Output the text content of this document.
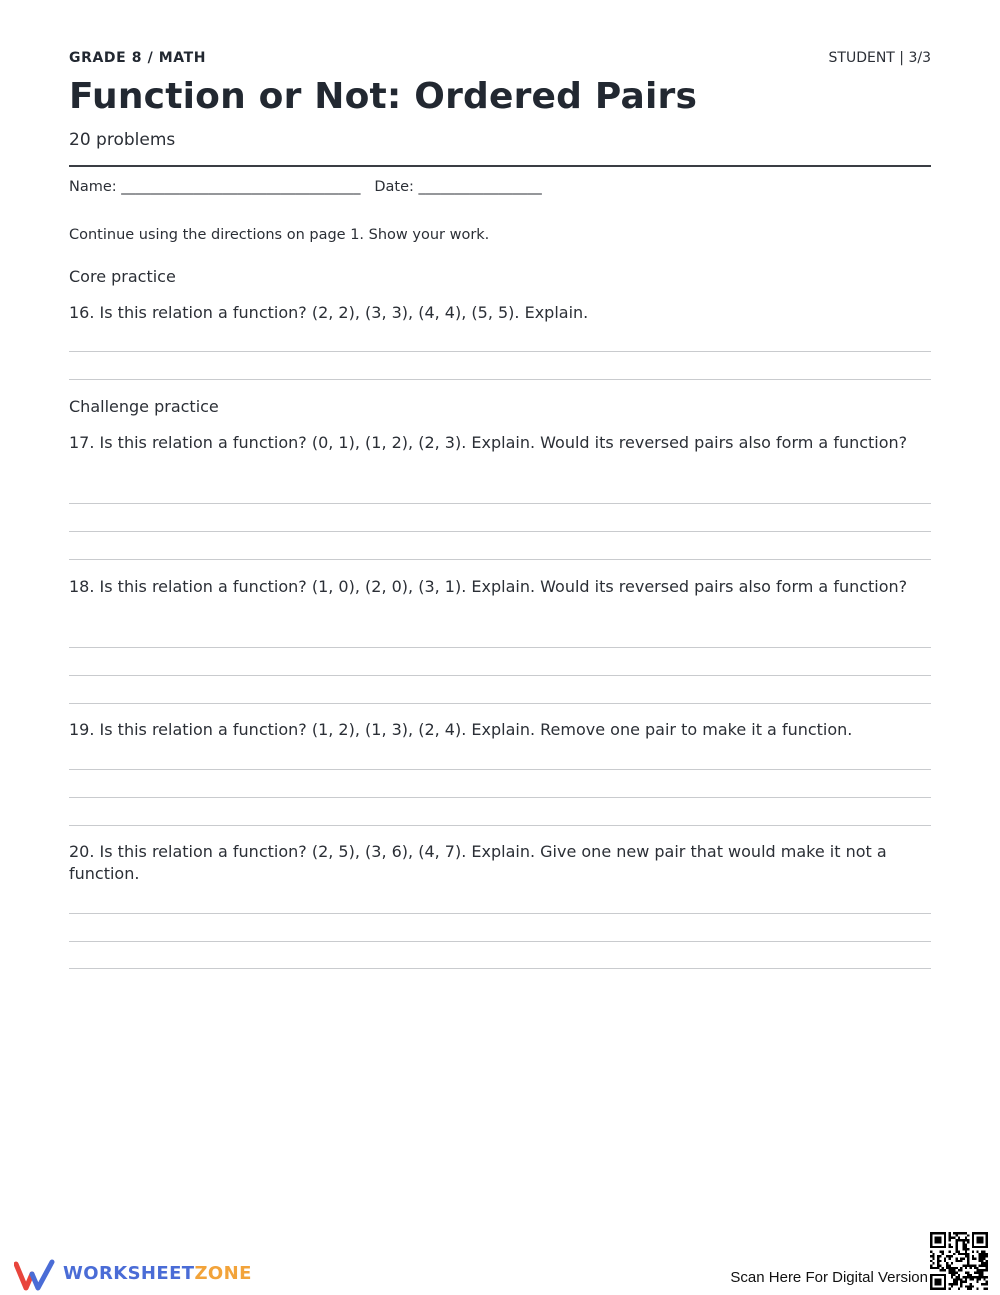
GRADE 8 / MATH	STUDENT | 3/3
Function or Not: Ordered Pairs
20 problems
Name: _________________________________   Date: _________________
Continue using the directions on page 1. Show your work.
Core practice
16. Is this relation a function? (2, 2), (3, 3), (4, 4), (5, 5). Explain.
Challenge practice
17. Is this relation a function? (0, 1), (1, 2), (2, 3). Explain. Would its reversed pairs also form a function?
18. Is this relation a function? (1, 0), (2, 0), (3, 1). Explain. Would its reversed pairs also form a function?
19. Is this relation a function? (1, 2), (1, 3), (2, 4). Explain. Remove one pair to make it a function.
20. Is this relation a function? (2, 5), (3, 6), (4, 7). Explain. Give one new pair that would make it not a function.
WORKSHEETZONE	Scan Here For Digital Version
